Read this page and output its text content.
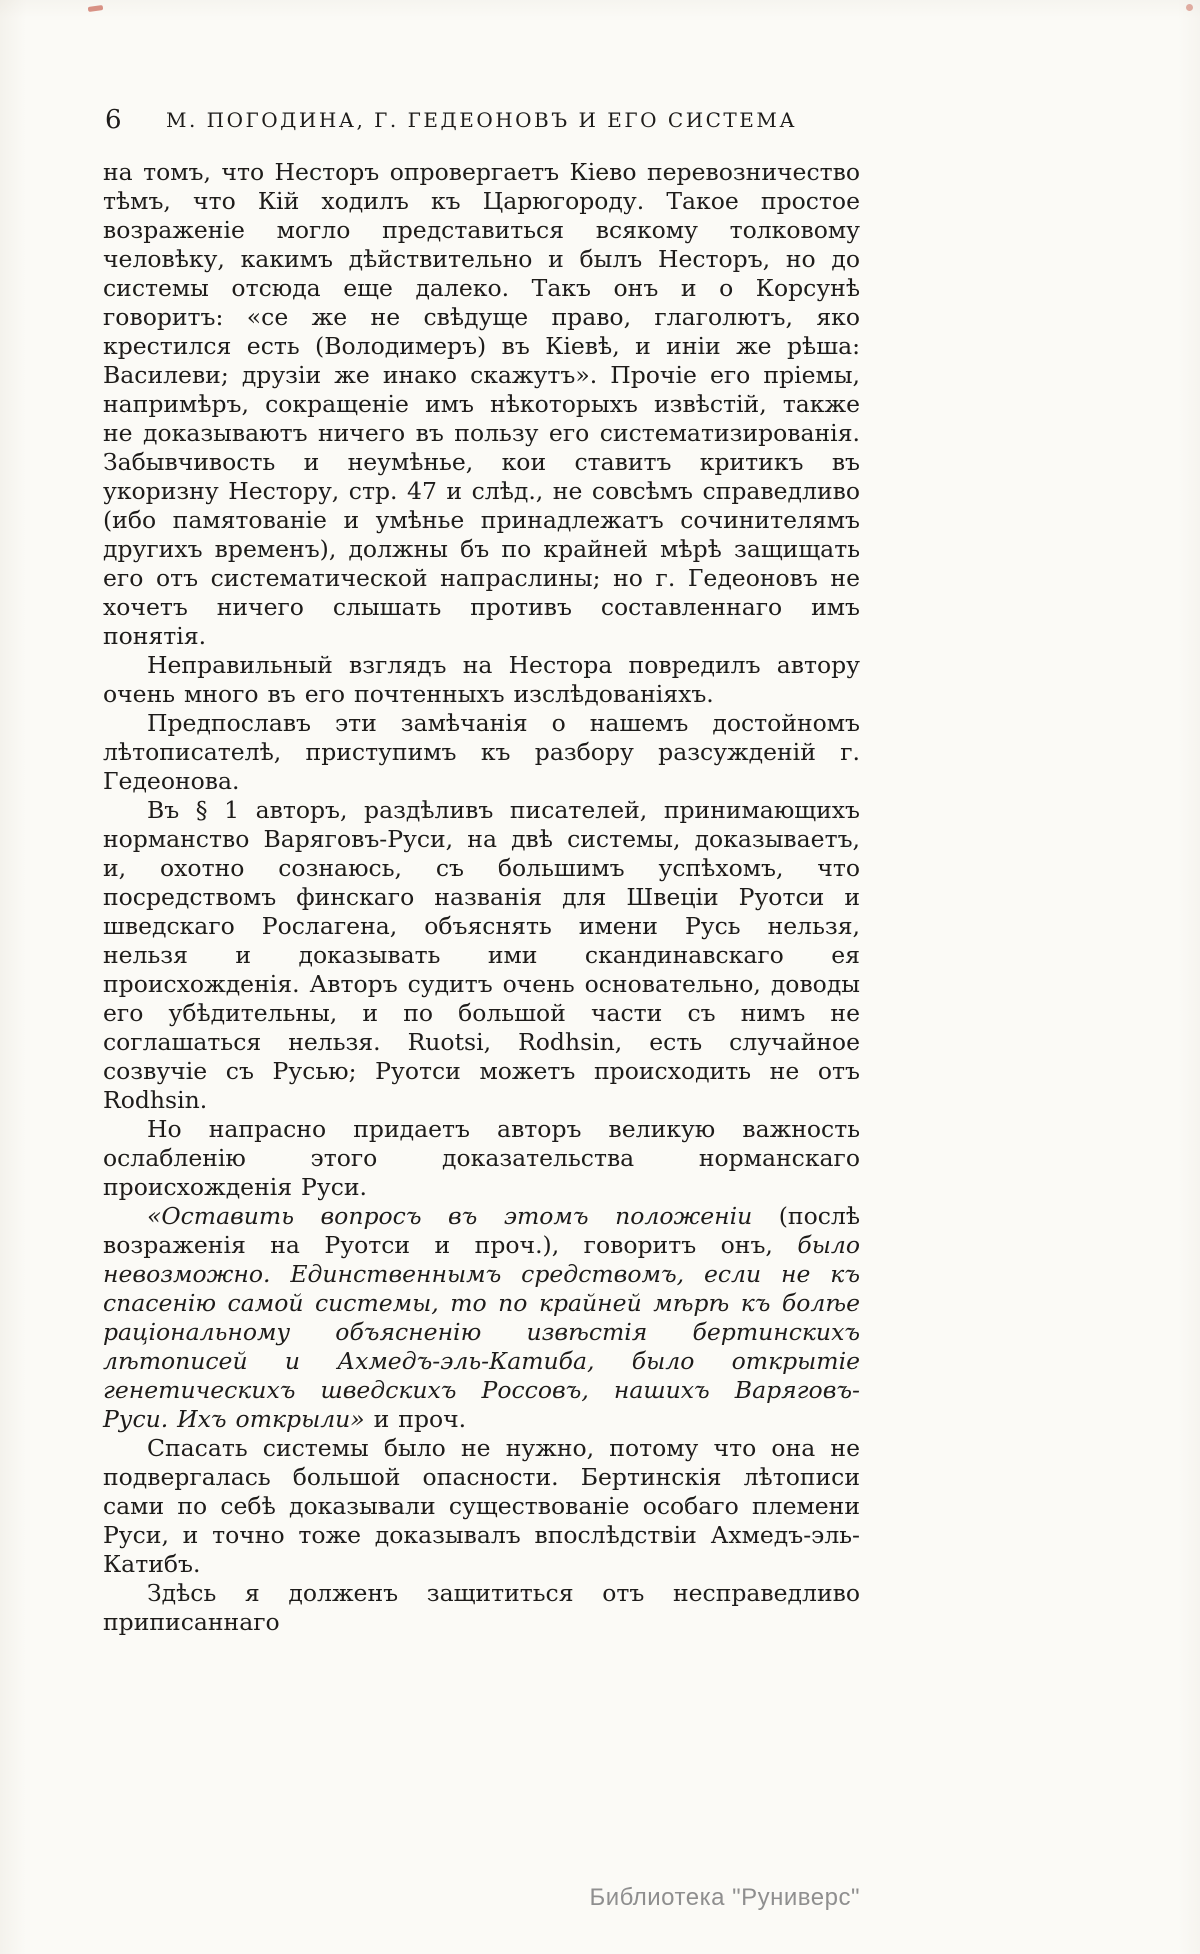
6	М. ПОГОДИНА, Г. ГЕДЕОНОВЪ И ЕГО СИСТЕМА

на томъ, что Несторъ опровергаетъ Кіево перевозничество тѣмъ, что Кій ходилъ къ Царюгороду. Такое простое возраженіе могло представиться всякому толковому человѣку, какимъ дѣйствительно и былъ Несторъ, но до системы отсюда еще далеко. Такъ онъ и о Корсунѣ говоритъ: «се же не свѣдуще право, глаголютъ, яко крестился есть (Володимеръ) въ Кіевѣ, и иніи же рѣша: Василеви; друзіи же инако скажутъ». Прочіе его пріемы, напримѣръ, сокращеніе имъ нѣкоторыхъ извѣстій, также не доказываютъ ничего въ пользу его систематизированія. Забывчивость и неумѣнье, кои ставитъ критикъ въ укоризну Нестору, стр. 47 и слѣд., не совсѣмъ справедливо (ибо памятованіе и умѣнье принадлежатъ сочинителямъ другихъ временъ), должны бъ по крайней мѣрѣ защищать его отъ систематической напраслины; но г. Гедеоновъ не хочетъ ничего слышать противъ составленнаго имъ понятія.

Неправильный взглядъ на Нестора повредилъ автору очень много въ его почтенныхъ изслѣдованіяхъ.

Предпославъ эти замѣчанія о нашемъ достойномъ лѣтописателѣ, приступимъ къ разбору разсужденій г. Гедеонова.

Въ § 1 авторъ, раздѣливъ писателей, принимающихъ норманство Варяговъ-Руси, на двѣ системы, доказываетъ, и, охотно сознаюсь, съ большимъ успѣхомъ, что посредствомъ финскаго названія для Швеціи Руотси и шведскаго Рослагена, объяснять имени Русь нельзя, нельзя и доказывать ими скандинавскаго ея происхожденія. Авторъ судитъ очень основательно, доводы его убѣдительны, и по большой части съ нимъ не соглашаться нельзя. Ruotsi, Rodhsin, есть случайное созвучіе съ Русью; Руотси можетъ происходить не отъ Rodhsin.

Но напрасно придаетъ авторъ великую важность ослабленію этого доказательства норманскаго происхожденія Руси.

«Оставить вопросъ въ этомъ положеніи (послѣ возраженія на Руотси и проч.), говоритъ онъ, было невозможно. Единственнымъ средствомъ, если не къ спасенію самой системы, то по крайней мѣрѣ къ болѣе раціональному объясненію извѣстія бертинскихъ лѣтописей и Ахмедъ-эль-Катиба, было открытіе генетическихъ шведскихъ Россовъ, нашихъ Варяговъ-Руси. Ихъ открыли» и проч.

Спасать системы было не нужно, потому что она не подвергалась большой опасности. Бертинскія лѣтописи сами по себѣ доказывали существованіе особаго племени Руси, и точно тоже доказывалъ впослѣдствіи Ахмедъ-эль-Катибъ.

Здѣсь я долженъ защититься отъ несправедливо приписаннаго

Библиотека "Руниверс"
